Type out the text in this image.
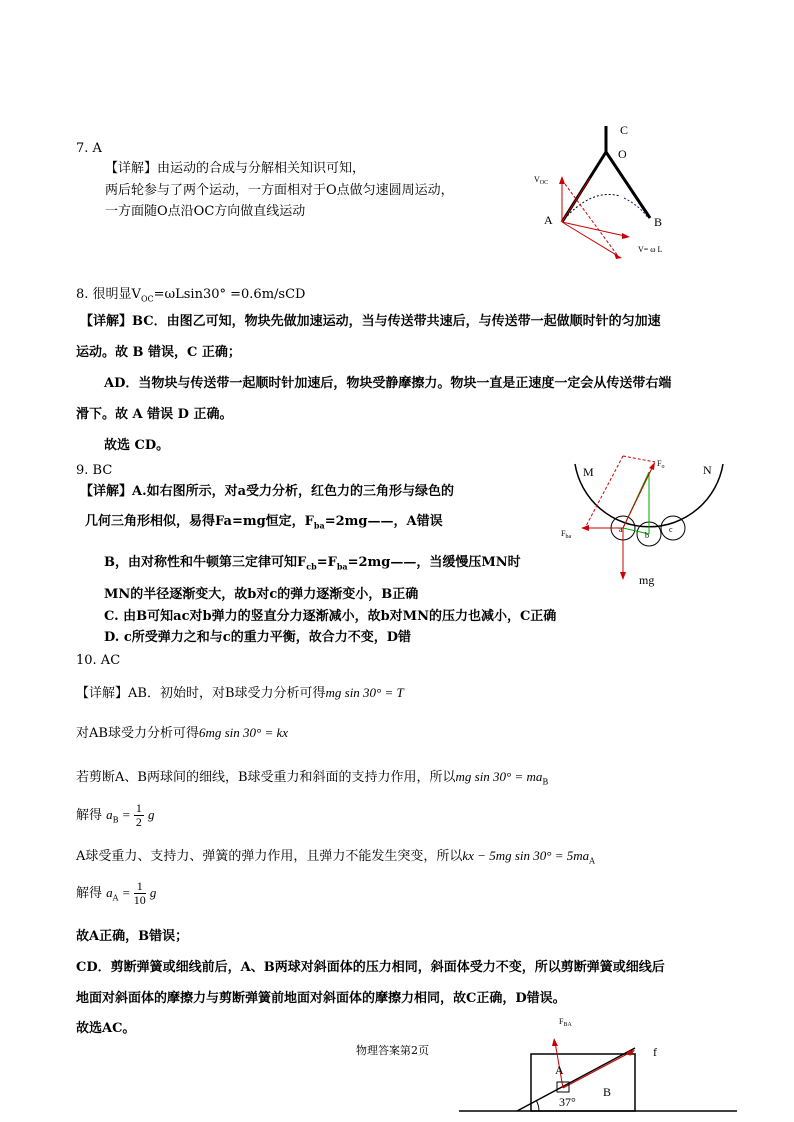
7. A
【详解】由运动的合成与分解相关知识可知，
两后轮参与了两个运动，一方面相对于O点做匀速圆周运动，
一方面随O点沿OC方向做直线运动
C
O
A	B
$V_{OC}$
V= ω L
8. 很明显$V_{OC}=\omega Lsin30^\circ =0.6m/sCD$
【详解】BC．由图乙可知，物块先做加速运动，当与传送带共速后，与传送带一起做顺时针的匀加速
运动。故 B 错误，C 正确；
AD．当物块与传送带一起顺时针加速后，物块受静摩擦力。物块一直是正速度一定会从传送带右端
滑下。故 A 错误 D 正确。
故选 CD。
9. BC
【详解】A.如右图所示，对a受力分析，红色力的三角形与绿色的
几何三角形相似，易得Fa=mg恒定，$F_{ba}=2mg——$，A错误
B，由对称性和牛顿第三定律可知$F_{cb}=F_{ba}=2mg——$，当缓慢压MN时
MN的半径逐渐变大，故b对c的弹力逐渐变小，B正确
C. 由B可知ac对b弹力的竖直分力逐渐减小，故b对MN的压力也减小，C正确
D. c所受弹力之和与c的重力平衡，故合力不变，D错
M	N
$F_o$
$F_{ba}$
a
b
c
mg
10. AC
【详解】AB．初始时，对B球受力分析可得mg sin 30° = T
对AB球受力分析可得6mg sin 30° = kx
若剪断A、B两球间的细线，B球受重力和斜面的支持力作用，所以mg $\sin 30^\circ = ma_B$
解得 $a_B = \frac{1}{2}$ g
A球受重力、支持力、弹簧的弹力作用，且弹力不能发生突变，所以kx − 5mg $\sin 30^\circ = 5ma_A$
解得 $a_A = \frac{1}{10}$ g
故A正确，B错误；
CD．剪断弹簧或细线前后，A、B两球对斜面体的压力相同，斜面体受力不变，所以剪断弹簧或细线后
地面对斜面体的摩擦力与剪断弹簧前地面对斜面体的摩擦力相同，故C正确，D错误。
故选AC。
物理答案第2页
$F_{BA}$
f
A
B
37°
